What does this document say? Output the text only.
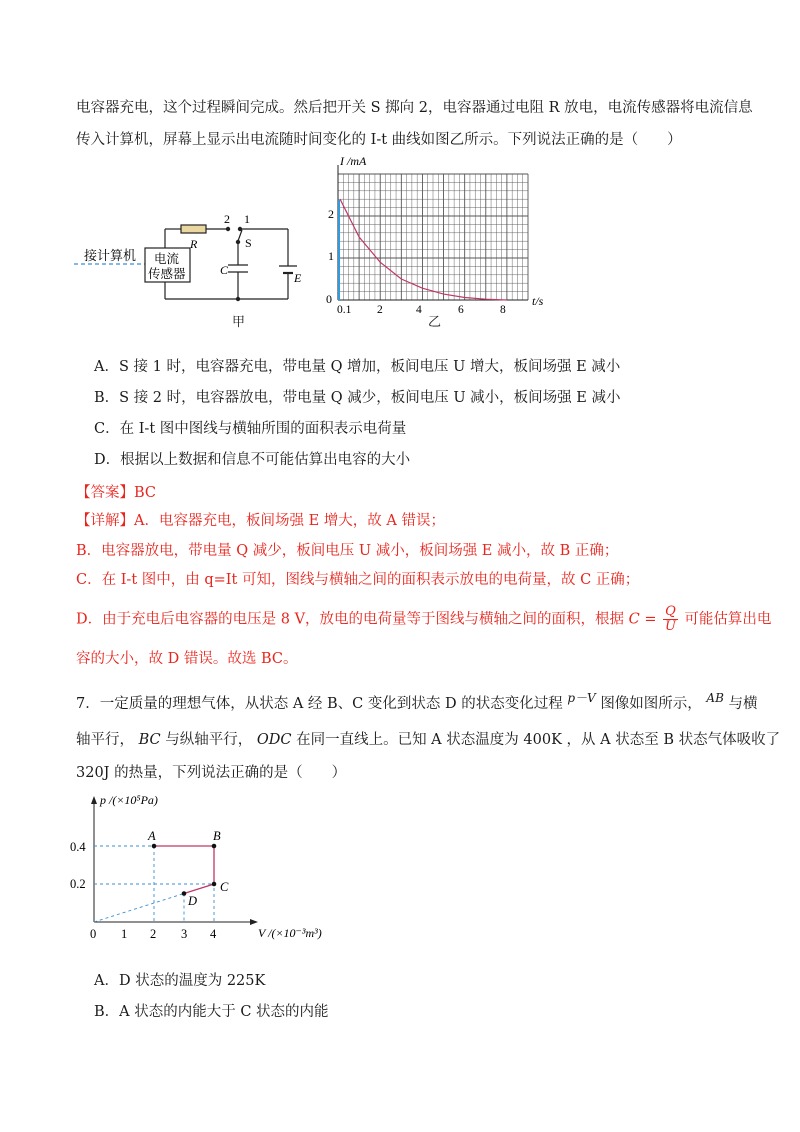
电容器充电，这个过程瞬间完成。然后把开关 S 掷向 2，电容器通过电阻 R 放电，电流传感器将电流信息
传入计算机，屏幕上显示出电流随时间变化的 I-t 曲线如图乙所示。下列说法正确的是（　　）
接计算机 电流
传感器
R
2 1
S
C
E
甲
I /mA
t/s
0
1
2
0.1 2	4	6	8
乙
A．S 接 1 时，电容器充电，带电量 Q 增加，板间电压 U 增大，板间场强 E 减小
B．S 接 2 时，电容器放电，带电量 Q 减少，板间电压 U 减小，板间场强 E 减小
C．在 I-t 图中图线与横轴所围的面积表示电荷量
D．根据以上数据和信息不可能估算出电容的大小
【答案】BC
【详解】A．电容器充电，板间场强 E 增大，故 A 错误；
B．电容器放电，带电量 Q 减少，板间电压 U 减小，板间场强 E 减小，故 B 正确；
C．在 I-t 图中，由 q=It 可知，图线与横轴之间的面积表示放电的电荷量，故 C 正确；
D．由于充电后电容器的电压是 8 V，放电的电荷量等于图线与横轴之间的面积，根据 $C = \frac{Q}{U}$ 可能估算出电
容的大小，故 D 错误。故选 BC。
7．一定质量的理想气体，从状态 A 经 B、C 变化到状态 D 的状态变化过程 $^{p-V}$ 图像如图所示， $^{AB}$ 与横
轴平行， BC 与纵轴平行， ODC 在同一直线上。已知 A 状态温度为 400K ，从 A 状态至 B 状态气体吸收了
320J 的热量，下列说法正确的是（　　）
p /(×10⁵Pa)
V /(×10⁻³m³)
0.4
0.2
0 1 2 3 4
A	B
C
D
A．D 状态的温度为 225K
B．A 状态的内能大于 C 状态的内能
